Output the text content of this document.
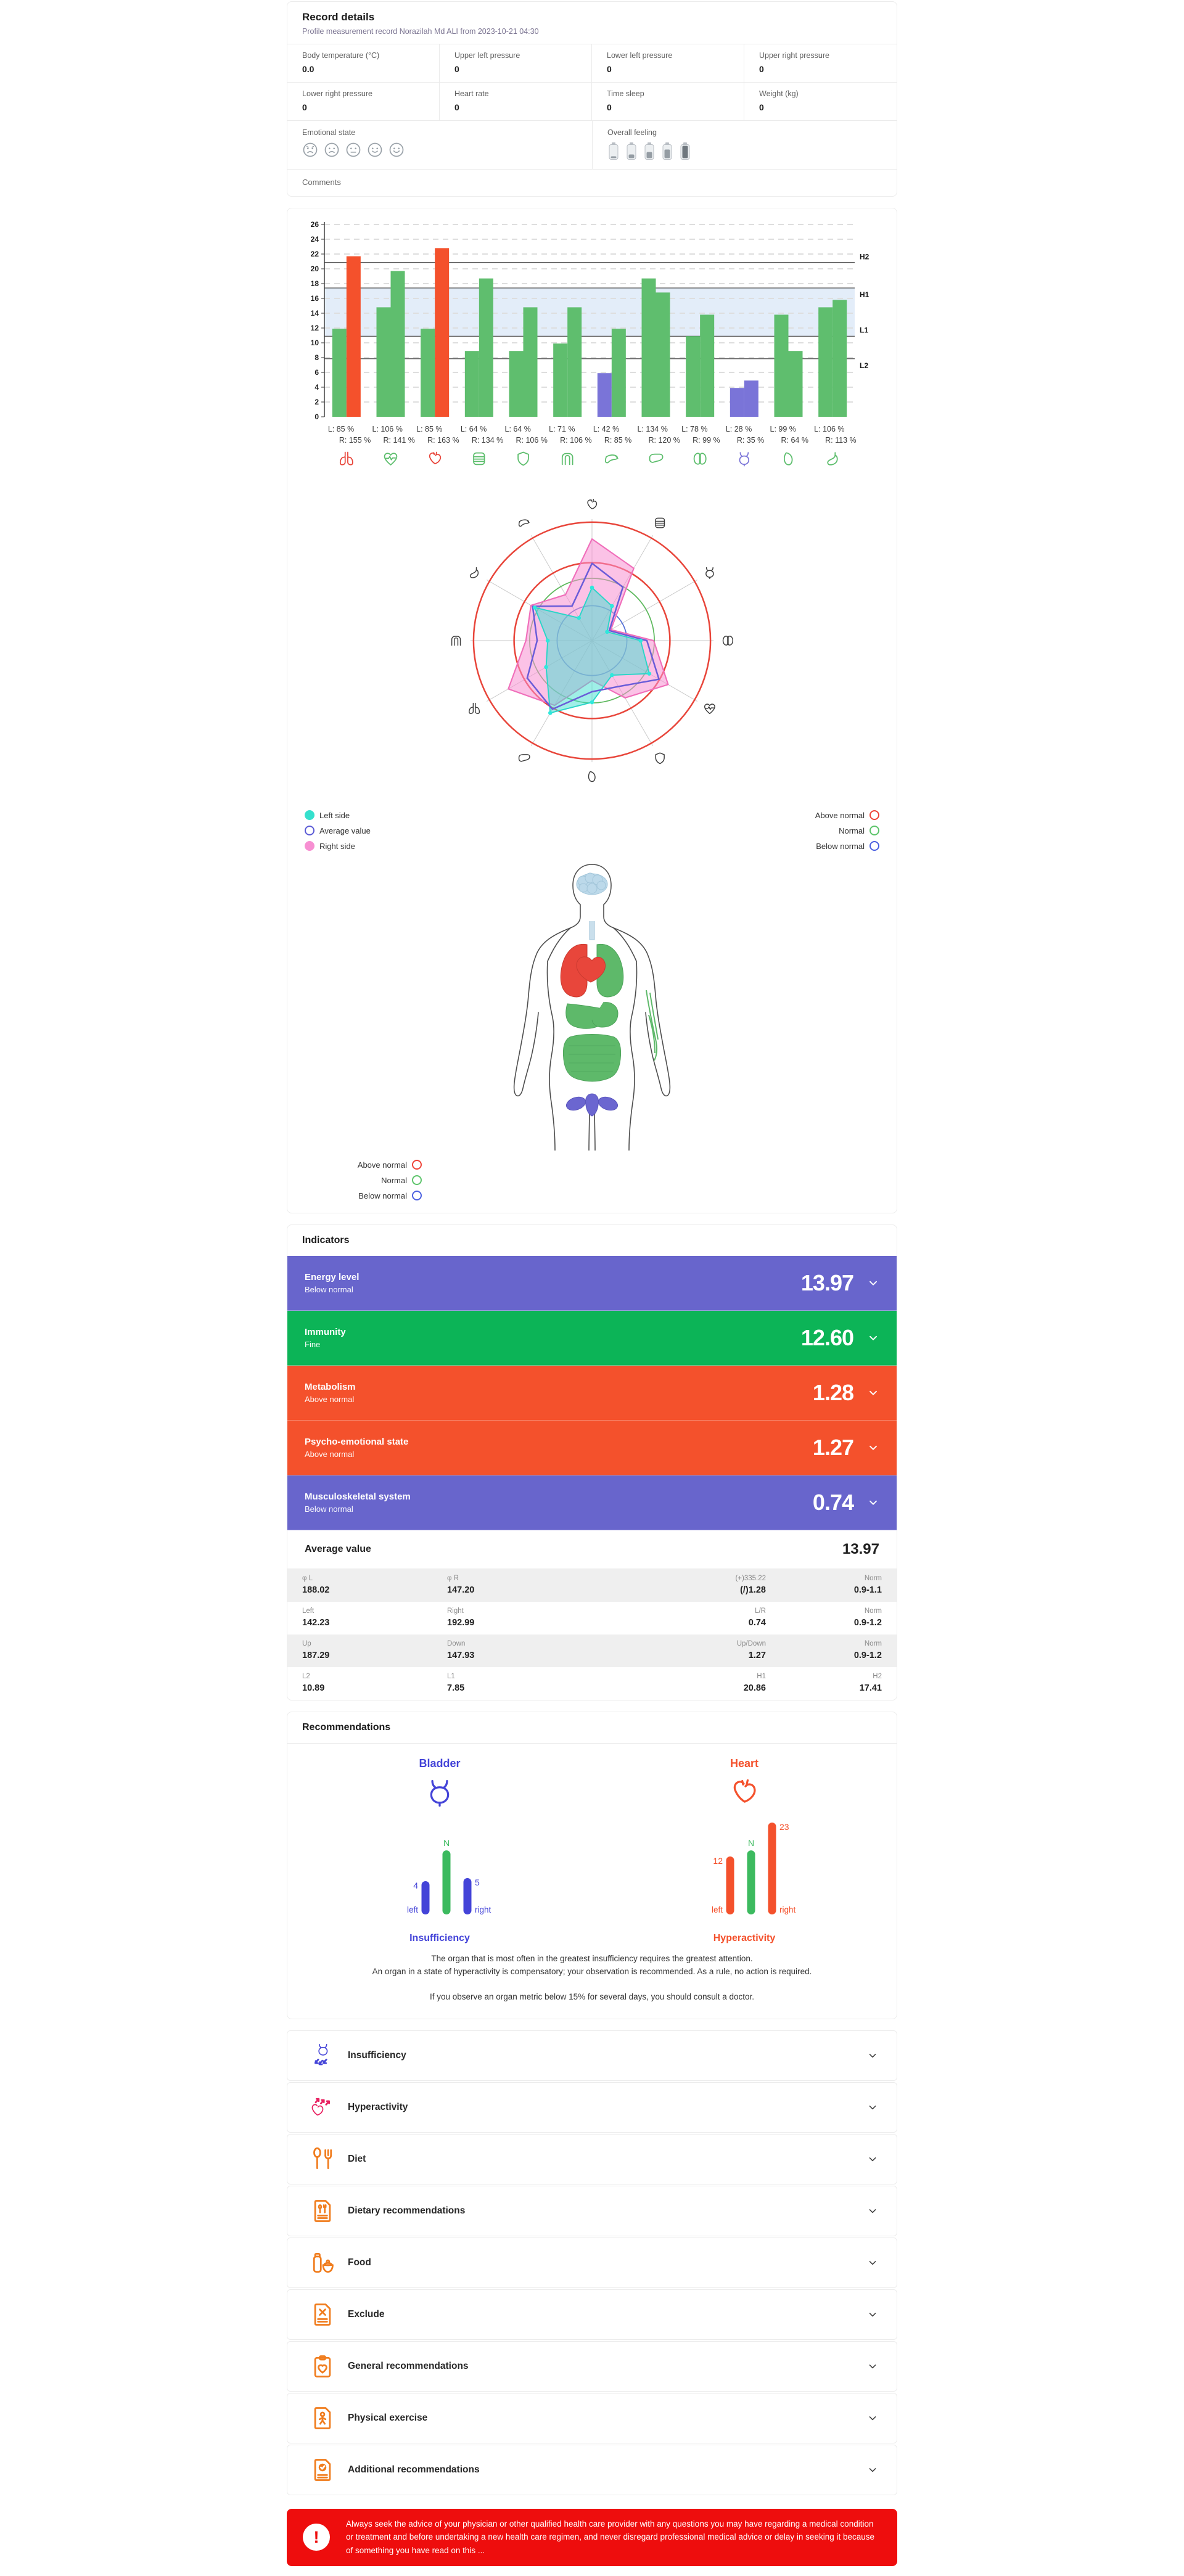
Record details
Profile measurement record Norazilah Md ALI from 2023-10-21 04:30
Body temperature (°C)
0.0
Upper left pressure
0
Lower left pressure
0
Upper right pressure
0
Lower right pressure
0
Heart rate
0
Time sleep
0
Weight (kg)
0
Emotional state	Overall feeling
Comments
0
2
4
6
8
10
12
14
16
18
20
22
24
26
H2
H1
L1
L2
L: 85 %
R: 155 %
L: 106 %
R: 141 %
L: 85 %
R: 163 %
L: 64 %
R: 134 %
L: 64 %
R: 106 %
L: 71 %
R: 106 %
L: 42 %
R: 85 %
L: 134 %
R: 120 %
L: 78 %
R: 99 %
L: 28 %
R: 35 %
L: 99 %
R: 64 %
L: 106 %
R: 113 %
Left side
Average value
Right side
Above normal
Normal
Below normal
Above normal
Normal
Below normal
Indicators
Energy level
Below normal	13.97
Immunity
Fine	12.60
Metabolism
Above normal	1.28
Psycho-emotional state
Above normal	1.27
Musculoskeletal system
Below normal	0.74
Average value	13.97
φ L
188.02
φ R
147.20
(+)335.22
(/)1.28
Norm
0.9-1.1
Left
142.23
Right
192.99
L/R
0.74
Norm
0.9-1.2
Up
187.29
Down
147.93
Up/Down
1.27
Norm
0.9-1.2
L2
10.89
L1
7.85
H1
20.86
H2
17.41
Recommendations
Bladder
4
N
5
left	right
Insufficiency
Heart
12
N
23
left	right
Hyperactivity
The organ that is most often in the greatest insufficiency requires the greatest attention.
An organ in a state of hyperactivity is compensatory; your observation is recommended. As a rule, no action is required.
If you observe an organ metric below 15% for several days, you should consult a doctor.
Insufficiency
Hyperactivity
Diet
Dietary recommendations
Food
Exclude
General recommendations
Physical exercise
Additional recommendations
!
Always seek the advice of your physician or other qualified health care provider with any questions you may have regarding a medical condition or treatment and before undertaking a new health care regimen, and never disregard professional medical advice or delay in seeking it because of something you have read on this ...
